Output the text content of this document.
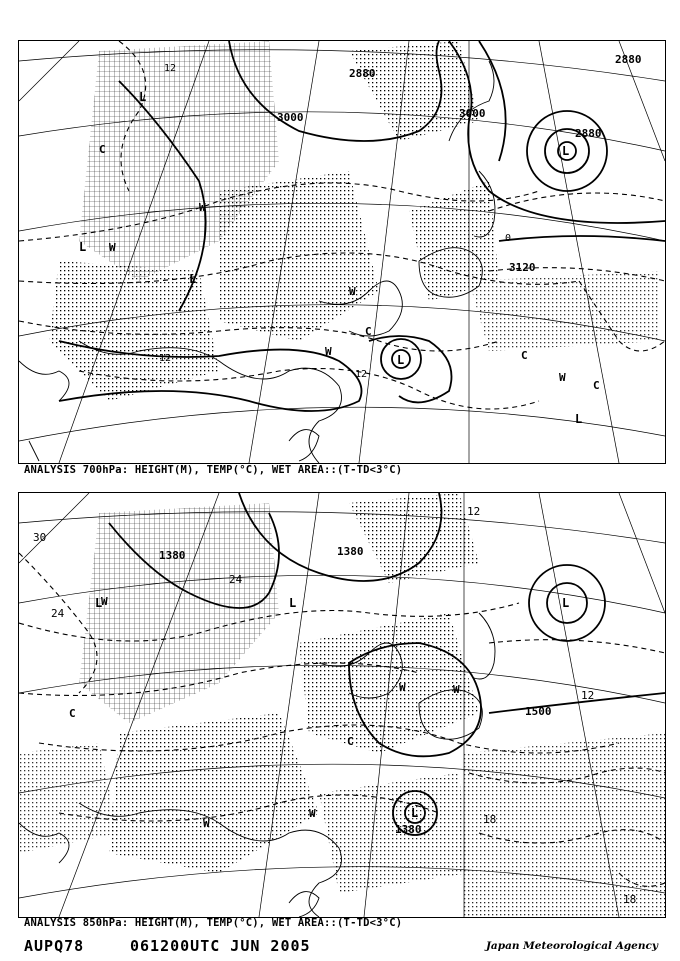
3000	3000
2880
2880
2880
3120
12
12
12
0
L
L
L
L
L
L
C
C
C
C
W
W
W
W
W
ANALYSIS 700hPa: HEIGHT(M), TEMP(°C), WET AREA::(T-TD<3°C)
1380	1380
1380
1500
30
24
24
12
12
18
18
L	L	L
L
C
C
W
W	W
W
W
ANALYSIS 850hPa: HEIGHT(M), TEMP(°C), WET AREA::(T-TD<3°C)
AUPQ78	061200UTC JUN 2005	Japan Meteorological Agency
